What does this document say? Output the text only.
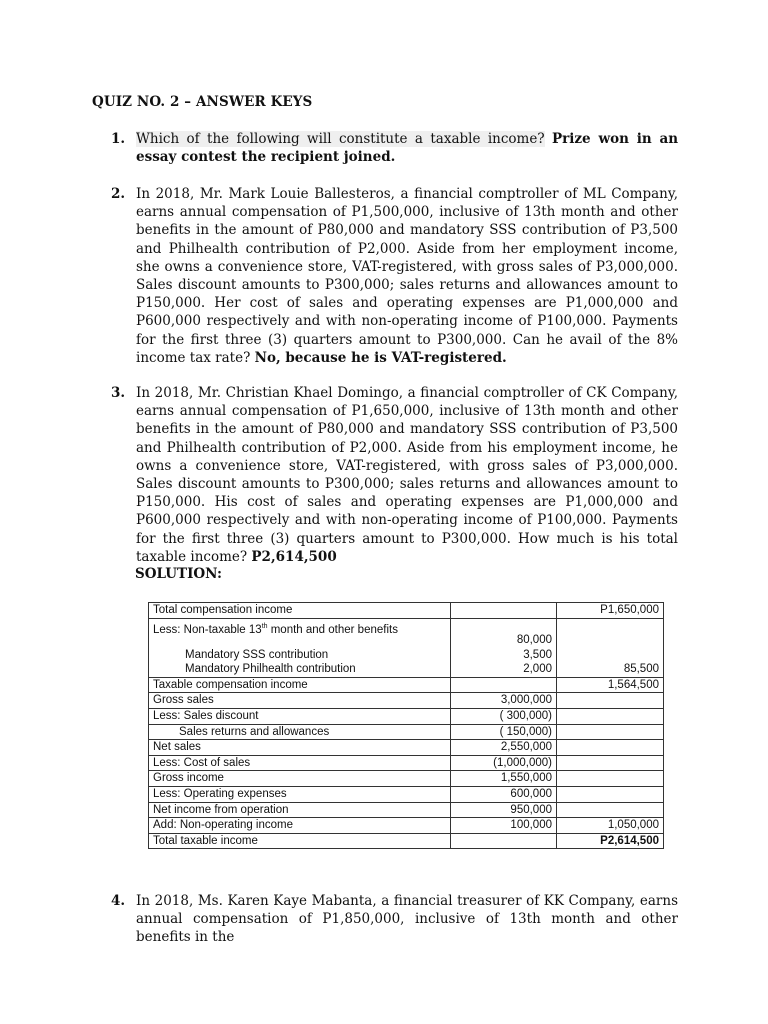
QUIZ NO. 2 – ANSWER KEYS
1. Which of the following will constitute a taxable income? Prize won in an essay contest the recipient joined.
2. In 2018, Mr. Mark Louie Ballesteros, a financial comptroller of ML Company, earns annual compensation of P1,500,000, inclusive of 13th month and other benefits in the amount of P80,000 and mandatory SSS contribution of P3,500 and Philhealth contribution of P2,000. Aside from her employment income, she owns a convenience store, VAT-registered, with gross sales of P3,000,000. Sales discount amounts to P300,000; sales returns and allowances amount to P150,000. Her cost of sales and operating expenses are P1,000,000 and P600,000 respectively and with non-operating income of P100,000. Payments for the first three (3) quarters amount to P300,000. Can he avail of the 8% income tax rate? No, because he is VAT-registered.
3. In 2018, Mr. Christian Khael Domingo, a financial comptroller of CK Company, earns annual compensation of P1,650,000, inclusive of 13th month and other benefits in the amount of P80,000 and mandatory SSS contribution of P3,500 and Philhealth contribution of P2,000. Aside from his employment income, he owns a convenience store, VAT-registered, with gross sales of P3,000,000. Sales discount amounts to P300,000; sales returns and allowances amount to P150,000. His cost of sales and operating expenses are P1,000,000 and P600,000 respectively and with non-operating income of P100,000. Payments for the first three (3) quarters amount to P300,000. How much is his total taxable income? P2,614,500
SOLUTION:
Total compensation income		P1,650,000
Less: Non-taxable 13th month and other benefits	80,000	
Mandatory SSS contribution	3,500	
Mandatory Philhealth contribution	2,000	85,500
Taxable compensation income		1,564,500
Gross sales	3,000,000	
Less: Sales discount	( 300,000)	
Sales returns and allowances	( 150,000)	
Net sales	2,550,000	
Less: Cost of sales	(1,000,000)	
Gross income	1,550,000	
Less: Operating expenses	600,000	
Net income from operation	950,000	
Add: Non-operating income	100,000	1,050,000
Total taxable income		P2,614,500
4. In 2018, Ms. Karen Kaye Mabanta, a financial treasurer of KK Company, earns annual compensation of P1,850,000, inclusive of 13th month and other benefits in the
